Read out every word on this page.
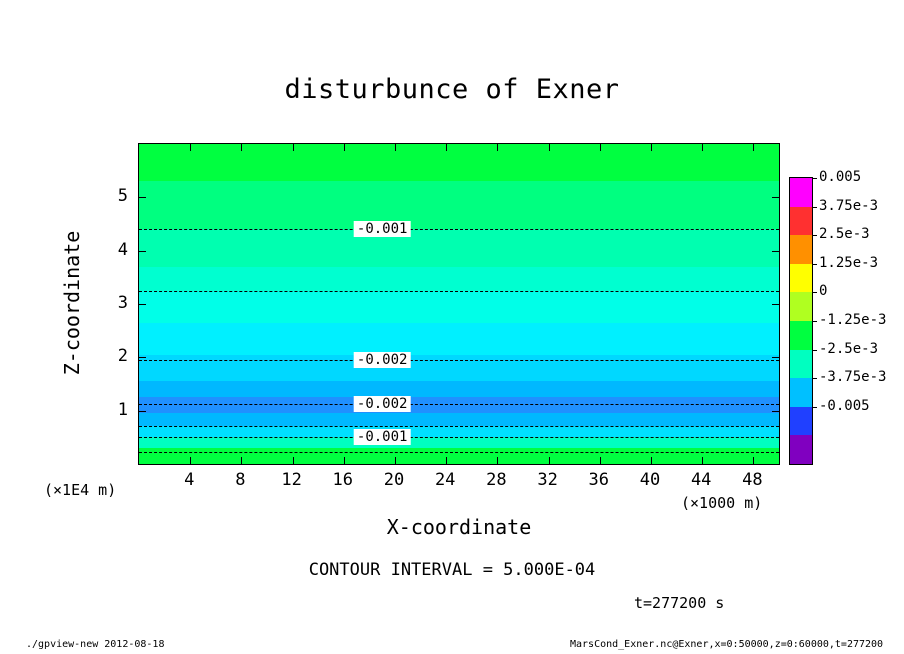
disturbunce of Exner
-0.001
-0.002
-0.002
-0.001
Z-coordinate
X-coordinate
(×1E4 m)
(×1000 m)
CONTOUR INTERVAL = 5.000E-04
t=277200 s
./gpview-new 2012-08-18	MarsCond_Exner.nc@Exner,x=0:50000,z=0:60000,t=277200
4 8 12 16 20 24 28 32 36 40 44 48
1
2
3
4
5
0.005
3.75e-3
2.5e-3
1.25e-3
0
-1.25e-3
-2.5e-3
-3.75e-3
-0.005
